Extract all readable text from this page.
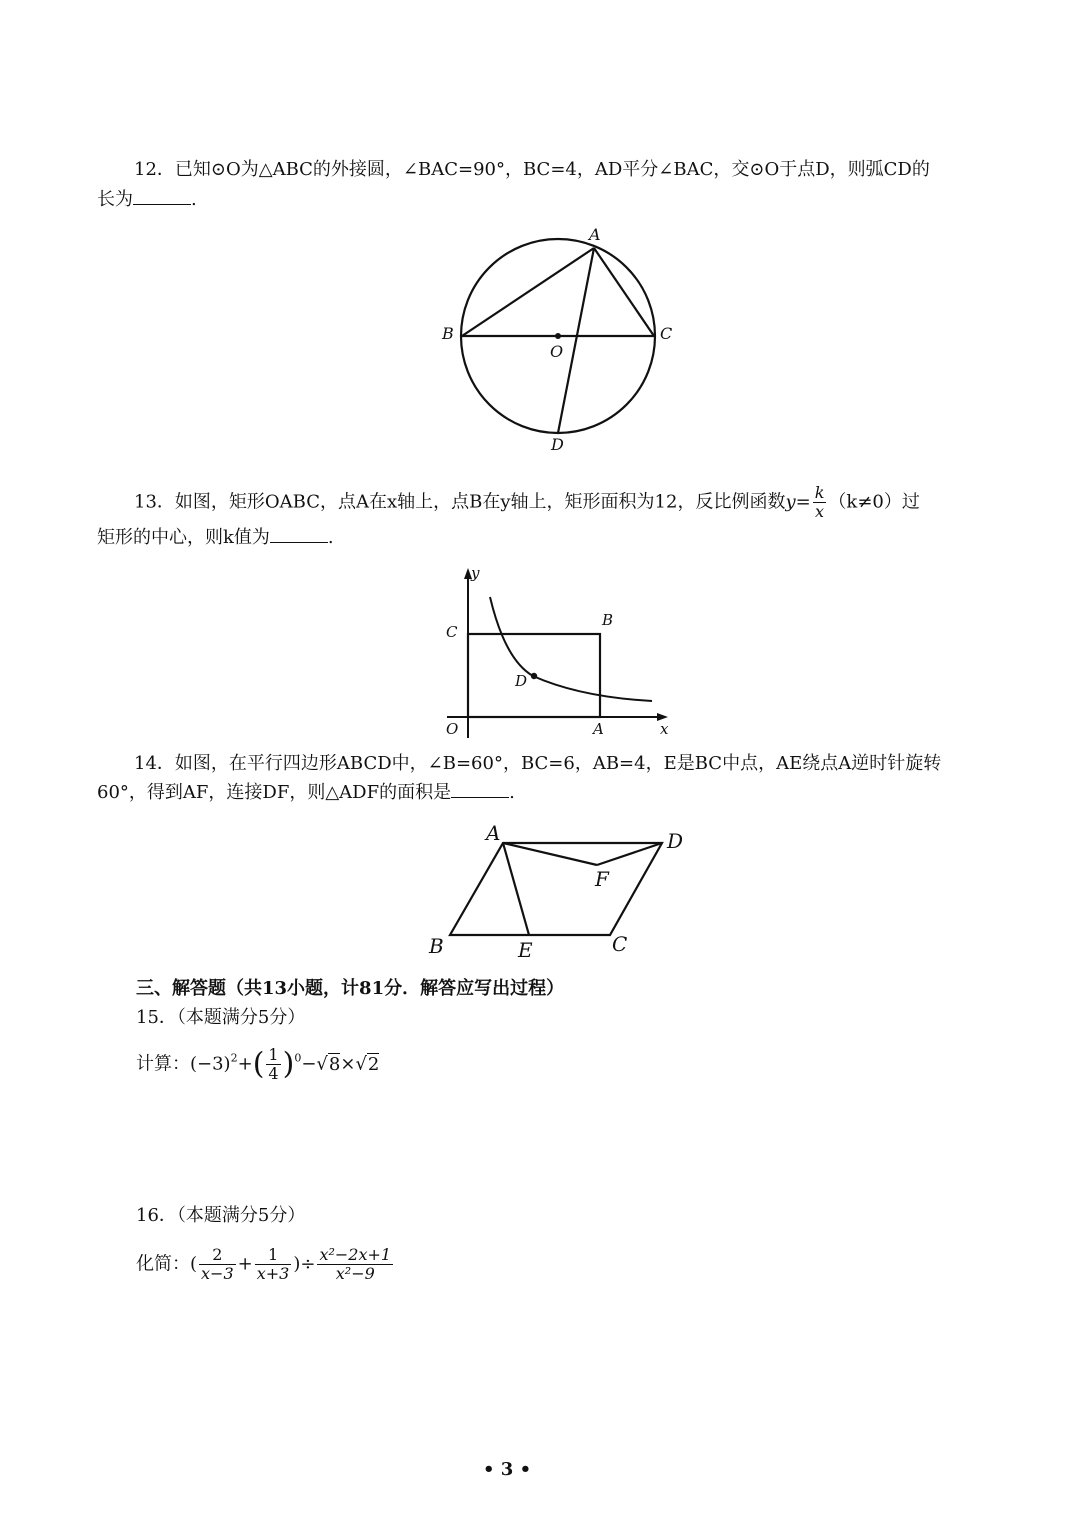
12．已知⊙O为△ABC的外接圆，∠BAC=90°，BC=4，AD平分∠BAC，交⊙O于点D，则弧CD的
长为	.
A
B	C
O
D
13．如图，矩形OABC，点A在x轴上，点B在y轴上，矩形面积为12，反比例函数$y= \frac{k}{x} (k\ne 0)$过
矩形的中心，则k值为	.
y
x
O	A
B
C
D
14．如图，在平行四边形ABCD中，∠B=60°，BC=6，AB=4，E是BC中点，AE绕点A逆时针旋转
60°，得到AF，连接DF，则△ADF的面积是	.
A	D
F
B	E	C
三、解答题（共13小题，计81分．解答应写出过程）
15．（本题满分5分）
计算：$(-3)^2+( \frac{1}{4} )^0-√8\times√2$
16．（本题满分5分）
化简：( $\frac{2}{x-3} + \frac{1}{x+3}$ )÷ $\frac{\text{x²−2x+1}}{\text{x²−9}}$
• 3 •
